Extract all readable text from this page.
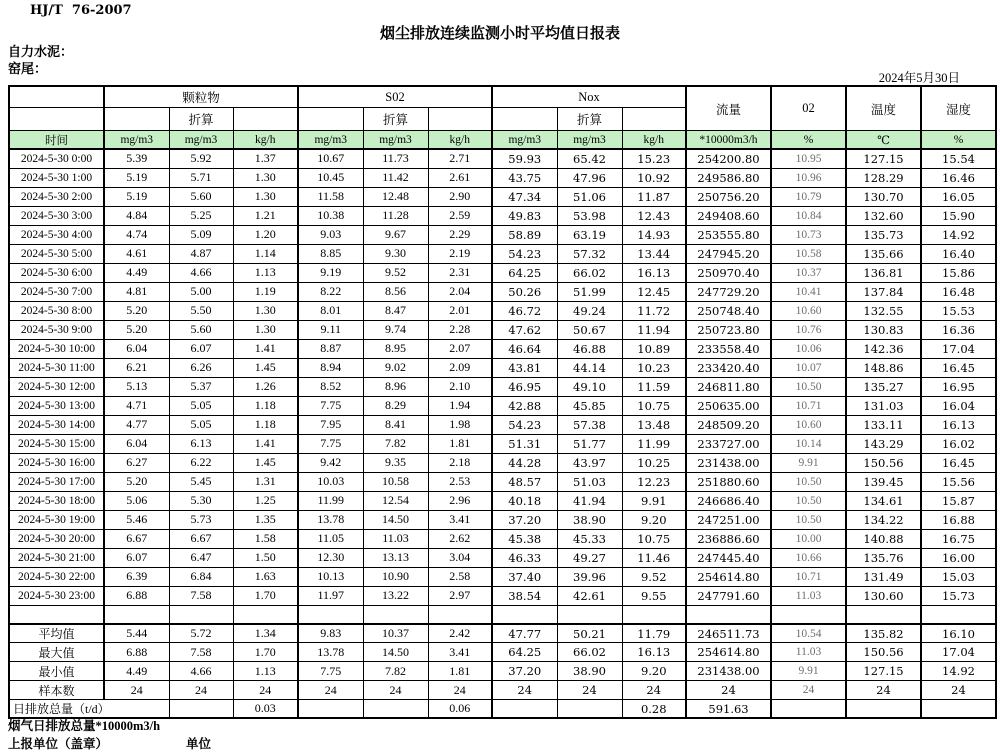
HJ/T  76-2007
烟尘排放连续监测小时平均值日报表
自力水泥：
窑尾：
2024年5月30日
	颗粒物			S02			Nox			流量	02	温度	湿度
		折算			折算			折算					
时间	mg/m3	mg/m3	kg/h	mg/m3	mg/m3	kg/h	mg/m3	mg/m3	kg/h	*10000m3/h	%	℃	%
2024-5-30 0:00	5.39	5.92	1.37	10.67	11.73	2.71	59.93	65.42	15.23	254200.80	10.95	127.15	15.54
2024-5-30 1:00	5.19	5.71	1.30	10.45	11.42	2.61	43.75	47.96	10.92	249586.80	10.96	128.29	16.46
2024-5-30 2:00	5.19	5.60	1.30	11.58	12.48	2.90	47.34	51.06	11.87	250756.20	10.79	130.70	16.05
2024-5-30 3:00	4.84	5.25	1.21	10.38	11.28	2.59	49.83	53.98	12.43	249408.60	10.84	132.60	15.90
2024-5-30 4:00	4.74	5.09	1.20	9.03	9.67	2.29	58.89	63.19	14.93	253555.80	10.73	135.73	14.92
2024-5-30 5:00	4.61	4.87	1.14	8.85	9.30	2.19	54.23	57.32	13.44	247945.20	10.58	135.66	16.40
2024-5-30 6:00	4.49	4.66	1.13	9.19	9.52	2.31	64.25	66.02	16.13	250970.40	10.37	136.81	15.86
2024-5-30 7:00	4.81	5.00	1.19	8.22	8.56	2.04	50.26	51.99	12.45	247729.20	10.41	137.84	16.48
2024-5-30 8:00	5.20	5.50	1.30	8.01	8.47	2.01	46.72	49.24	11.72	250748.40	10.60	132.55	15.53
2024-5-30 9:00	5.20	5.60	1.30	9.11	9.74	2.28	47.62	50.67	11.94	250723.80	10.76	130.83	16.36
2024-5-30 10:00	6.04	6.07	1.41	8.87	8.95	2.07	46.64	46.88	10.89	233558.40	10.06	142.36	17.04
2024-5-30 11:00	6.21	6.26	1.45	8.94	9.02	2.09	43.81	44.14	10.23	233420.40	10.07	148.86	16.45
2024-5-30 12:00	5.13	5.37	1.26	8.52	8.96	2.10	46.95	49.10	11.59	246811.80	10.50	135.27	16.95
2024-5-30 13:00	4.71	5.05	1.18	7.75	8.29	1.94	42.88	45.85	10.75	250635.00	10.71	131.03	16.04
2024-5-30 14:00	4.77	5.05	1.18	7.95	8.41	1.98	54.23	57.38	13.48	248509.20	10.60	133.11	16.13
2024-5-30 15:00	6.04	6.13	1.41	7.75	7.82	1.81	51.31	51.77	11.99	233727.00	10.14	143.29	16.02
2024-5-30 16:00	6.27	6.22	1.45	9.42	9.35	2.18	44.28	43.97	10.25	231438.00	9.91	150.56	16.45
2024-5-30 17:00	5.20	5.45	1.31	10.03	10.58	2.53	48.57	51.03	12.23	251880.60	10.50	139.45	15.56
2024-5-30 18:00	5.06	5.30	1.25	11.99	12.54	2.96	40.18	41.94	9.91	246686.40	10.50	134.61	15.87
2024-5-30 19:00	5.46	5.73	1.35	13.78	14.50	3.41	37.20	38.90	9.20	247251.00	10.50	134.22	16.88
2024-5-30 20:00	6.67	6.67	1.58	11.05	11.03	2.62	45.38	45.33	10.75	236886.60	10.00	140.88	16.75
2024-5-30 21:00	6.07	6.47	1.50	12.30	13.13	3.04	46.33	49.27	11.46	247445.40	10.66	135.76	16.00
2024-5-30 22:00	6.39	6.84	1.63	10.13	10.90	2.58	37.40	39.96	9.52	254614.80	10.71	131.49	15.03
2024-5-30 23:00	6.88	7.58	1.70	11.97	13.22	2.97	38.54	42.61	9.55	247791.60	11.03	130.60	15.73

平均值	5.44	5.72	1.34	9.83	10.37	2.42	47.77	50.21	11.79	246511.73	10.54	135.82	16.10
最大值	6.88	7.58	1.70	13.78	14.50	3.41	64.25	66.02	16.13	254614.80	11.03	150.56	17.04
最小值	4.49	4.66	1.13	7.75	7.82	1.81	37.20	38.90	9.20	231438.00	9.91	127.15	14.92
样本数	24	24	24	24	24	24	24	24	24	24	24	24	24
日排放总量（t/d）			0.03			0.06			0.28	591.63			
烟气日排放总量*10000m3/h
上报单位（盖章）	单位
